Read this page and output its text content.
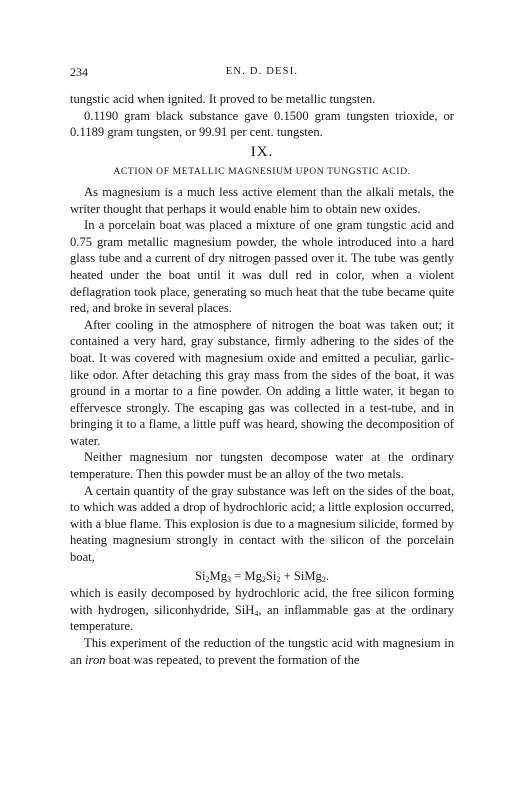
234	EN. D. DESI.

tungstic acid when ignited. It proved to be metallic tungsten.

0.1190 gram black substance gave 0.1500 gram tungsten trioxide, or 0.1189 gram tungsten, or 99.91 per cent. tungsten.

IX.
ACTION OF METALLIC MAGNESIUM UPON TUNGSTIC ACID.

As magnesium is a much less active element than the alkali metals, the writer thought that perhaps it would enable him to obtain new oxides.

In a porcelain boat was placed a mixture of one gram tungstic acid and 0.75 gram metallic magnesium powder, the whole introduced into a hard glass tube and a current of dry nitrogen passed over it. The tube was gently heated under the boat until it was dull red in color, when a violent deflagration took place, generating so much heat that the tube became quite red, and broke in several places.

After cooling in the atmosphere of nitrogen the boat was taken out; it contained a very hard, gray substance, firmly adhering to the sides of the boat. It was covered with magnesium oxide and emitted a peculiar, garlic-like odor. After detaching this gray mass from the sides of the boat, it was ground in a mortar to a fine powder. On adding a little water, it began to effervesce strongly. The escaping gas was collected in a test-tube, and in bringing it to a flame, a little puff was heard, showing the decomposition of water.

Neither magnesium nor tungsten decompose water at the ordinary temperature. Then this powder must be an alloy of the two metals.

A certain quantity of the gray substance was left on the sides of the boat, to which was added a drop of hydrochloric acid; a little explosion occurred, with a blue flame. This explosion is due to a magnesium silicide, formed by heating magnesium strongly in contact with the silicon of the porcelain boat,

$Si_2Mg_3 = Mg_2Si_2$ + SiMg$_2$.

which is easily decomposed by hydrochloric acid, the free silicon forming with hydrogen, siliconhydride, SiH$_4$, an inflammable gas at the ordinary temperature.

This experiment of the reduction of the tungstic acid with magnesium in an iron boat was repeated, to prevent the formation of the
